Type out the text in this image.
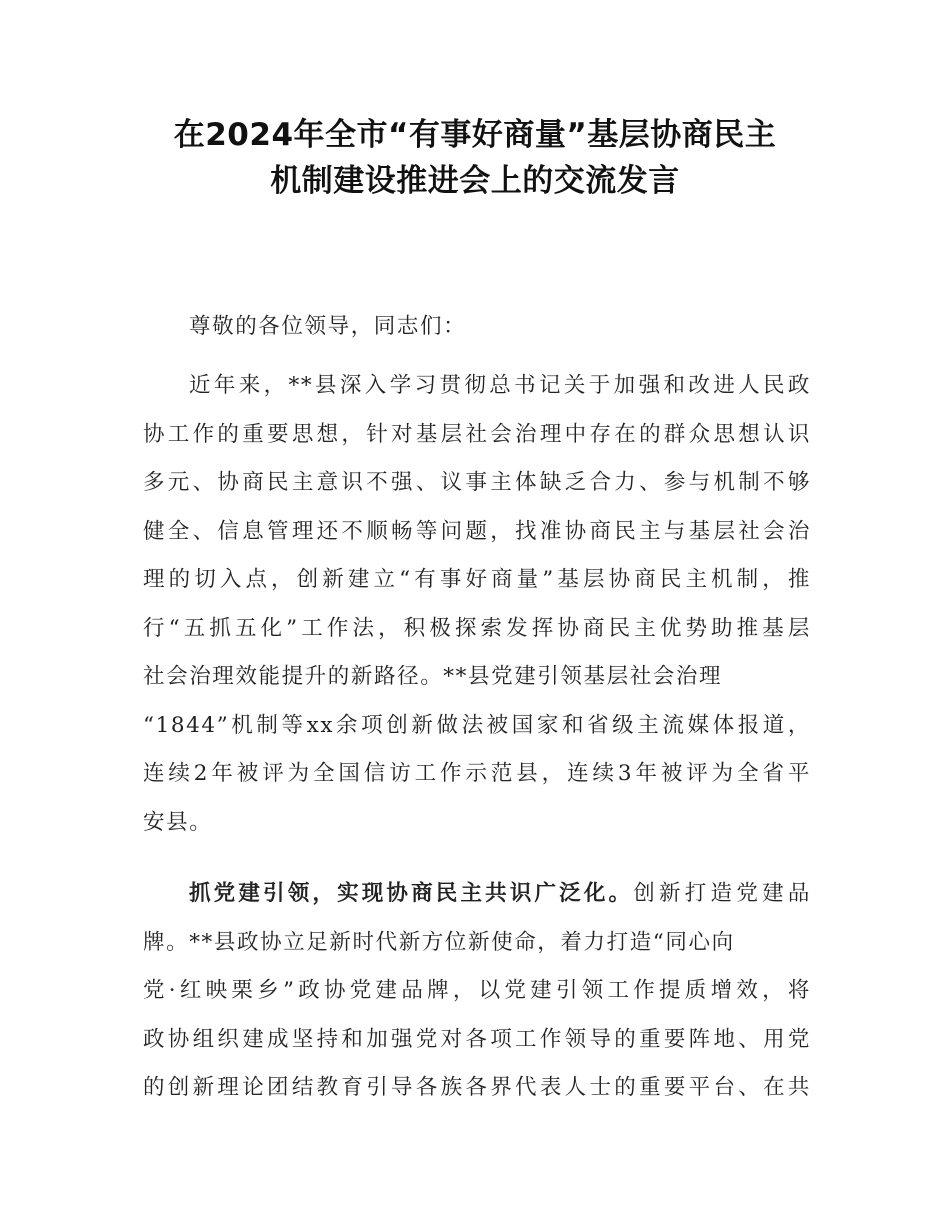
在2024年全市“有事好商量”基层协商民主
机制建设推进会上的交流发言
尊敬的各位领导，同志们：
近年来，**县深入学习贯彻总书记关于加强和改进人民政
协工作的重要思想，针对基层社会治理中存在的群众思想认识
多元、协商民主意识不强、议事主体缺乏合力、参与机制不够
健全、信息管理还不顺畅等问题，找准协商民主与基层社会治
理的切入点，创新建立“有事好商量”基层协商民主机制，推
行“五抓五化”工作法，积极探索发挥协商民主优势助推基层
社会治理效能提升的新路径。**县党建引领基层社会治理
“1844”机制等xx余项创新做法被国家和省级主流媒体报道，
连续2年被评为全国信访工作示范县，连续3年被评为全省平
安县。
抓党建引领，实现协商民主共识广泛化。创新打造党建品
牌。**县政协立足新时代新方位新使命，着力打造“同心向
党·红映栗乡”政协党建品牌，以党建引领工作提质增效，将
政协组织建成坚持和加强党对各项工作领导的重要阵地、用党
的创新理论团结教育引导各族各界代表人士的重要平台、在共
